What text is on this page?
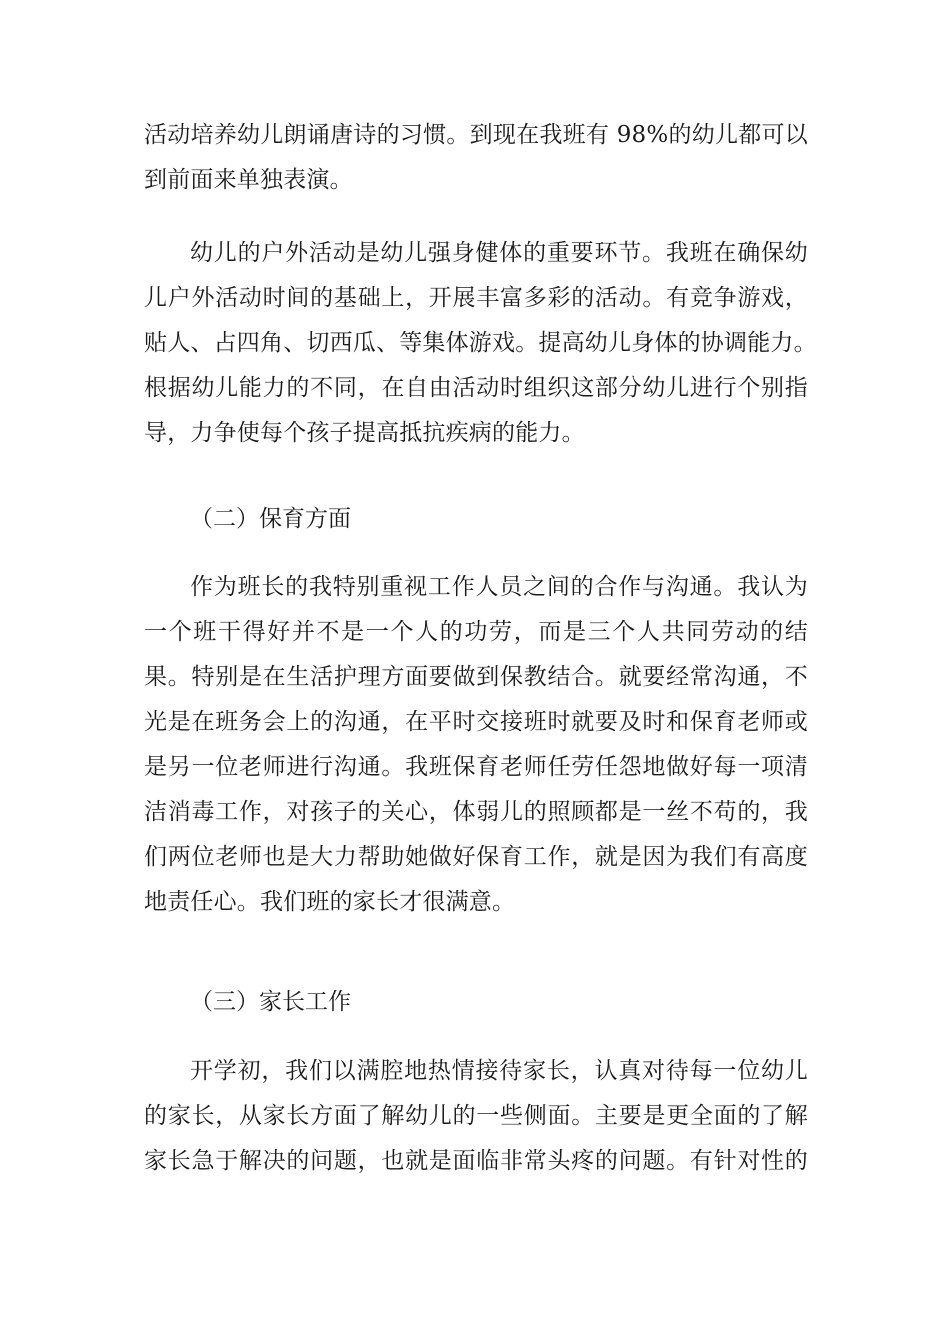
活动培养幼儿朗诵唐诗的习惯。到现在我班有 98%的幼儿都可以
到前面来单独表演。
幼儿的户外活动是幼儿强身健体的重要环节。我班在确保幼
儿户外活动时间的基础上，开展丰富多彩的活动。有竞争游戏，
贴人、占四角、切西瓜、等集体游戏。提高幼儿身体的协调能力。
根据幼儿能力的不同，在自由活动时组织这部分幼儿进行个别指
导，力争使每个孩子提高抵抗疾病的能力。
（二）保育方面
作为班长的我特别重视工作人员之间的合作与沟通。我认为
一个班干得好并不是一个人的功劳，而是三个人共同劳动的结
果。特别是在生活护理方面要做到保教结合。就要经常沟通，不
光是在班务会上的沟通，在平时交接班时就要及时和保育老师或
是另一位老师进行沟通。我班保育老师任劳任怨地做好每一项清
洁消毒工作，对孩子的关心，体弱儿的照顾都是一丝不苟的，我
们两位老师也是大力帮助她做好保育工作，就是因为我们有高度
地责任心。我们班的家长才很满意。
（三）家长工作
开学初，我们以满腔地热情接待家长，认真对待每一位幼儿
的家长，从家长方面了解幼儿的一些侧面。主要是更全面的了解
家长急于解决的问题，也就是面临非常头疼的问题。有针对性的
